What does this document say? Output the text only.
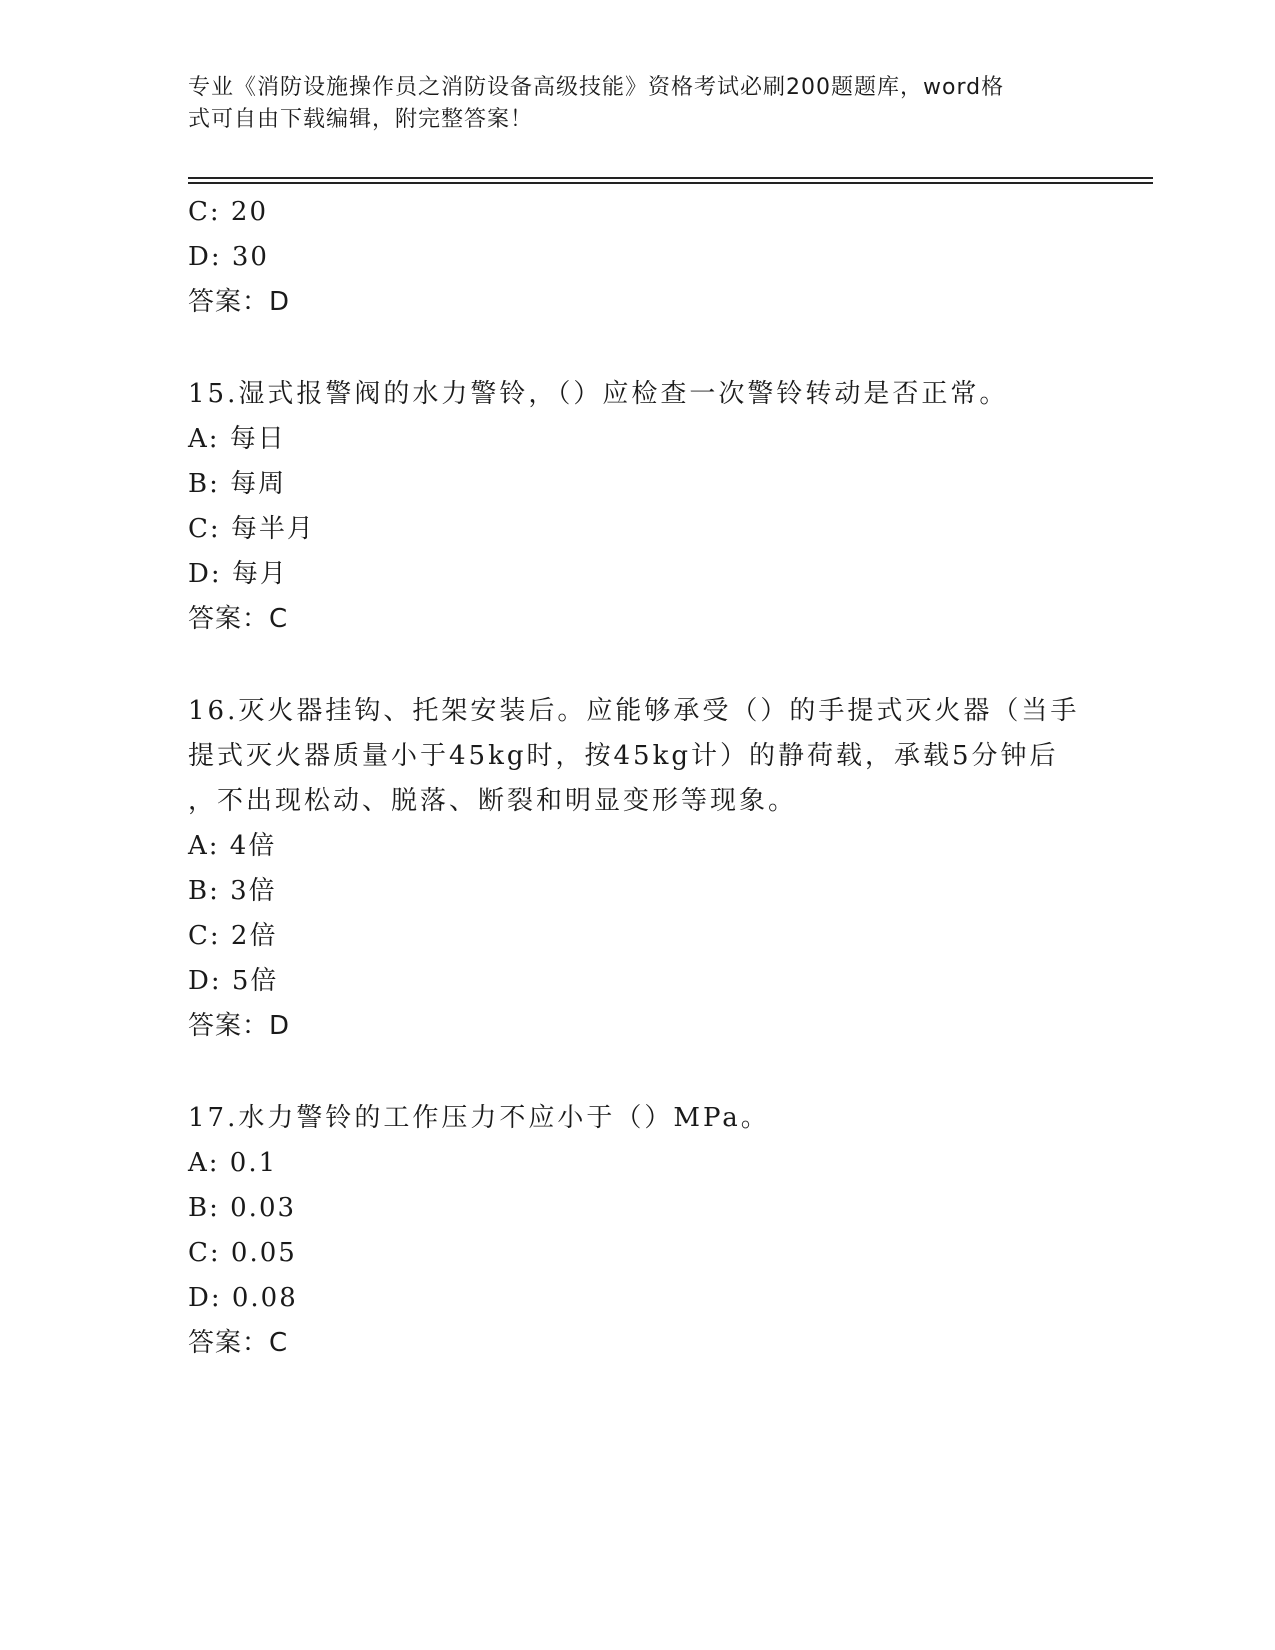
专业《消防设施操作员之消防设备高级技能》资格考试必刷200题题库，word格
式可自由下载编辑，附完整答案！
C: 20
D: 30
答案：D
15.湿式报警阀的水力警铃，（）应检查一次警铃转动是否正常。
A: 每日
B: 每周
C: 每半月
D: 每月
答案：C
16.灭火器挂钩、托架安装后。应能够承受（）的手提式灭火器（当手
提式灭火器质量小于45kg时，按45kg计）的静荷载，承载5分钟后
，不出现松动、脱落、断裂和明显变形等现象。
A: 4倍
B: 3倍
C: 2倍
D: 5倍
答案：D
17.水力警铃的工作压力不应小于（）MPa。
A: 0.1
B: 0.03
C: 0.05
D: 0.08
答案：C
